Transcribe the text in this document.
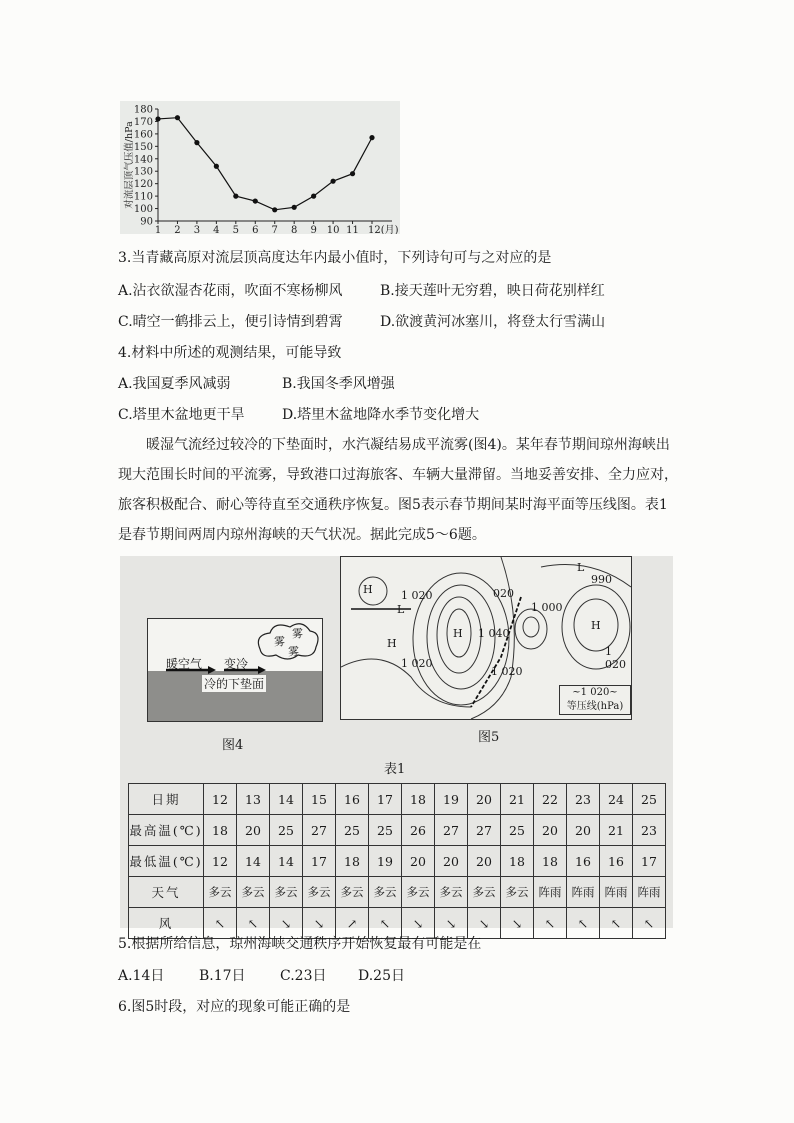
180
170
160
150
140
130
120
110
100
90
1 2 3 4 5 6 7 8 9 10 11 12(月)
对流层顶气压值/hPa
3.当青藏高原对流层顶高度达年内最小值时，下列诗句可与之对应的是
A.沾衣欲湿杏花雨，吹面不寒杨柳风	B.接天莲叶无穷碧，映日荷花别样红
C.晴空一鹤排云上，便引诗情到碧霄	D.欲渡黄河冰塞川，将登太行雪满山
4.材料中所述的观测结果，可能导致
A.我国夏季风减弱	B.我国冬季风增强
C.塔里木盆地更干旱	D.塔里木盆地降水季节变化增大
暖湿气流经过较冷的下垫面时，水汽凝结易成平流雾(图4)。某年春节期间琼州海峡出现大范围长时间的平流雾，导致港口过海旅客、车辆大量滞留。当地妥善安排、全力应对，旅客积极配合、耐心等待直至交通秩序恢复。图5表示春节期间某时海平面等压线图。表1是春节期间两周内琼州海峡的天气状况。据此完成5～6题。
暖空气 变冷
冷的下垫面
雾
雾
雾
图4
1 020
1 020
1 040
020
1 000
990
1 020
1 020
H
H
H
H
L
L
~1 020~
等压线(hPa)
图5
表1
日期	12	13	14	15	16	17	18	19	20	21	22	23	24	25
最高温(℃)	18	20	25	27	25	25	26	27	27	25	20	20	21	23
最低温(℃)	12	14	14	17	18	19	20	20	20	18	18	16	16	17
天气	多云	多云	多云	多云	多云	多云	多云	多云	多云	多云	阵雨	阵雨	阵雨	阵雨
风	↖	↖	↘	↘	↗	↖	↘	↘	↘	↘	↖	↖	↖	↖
5.根据所给信息，琼州海峡交通秩序开始恢复最有可能是在
A.14日 B.17日 C.23日 D.25日
6.图5时段，对应的现象可能正确的是
